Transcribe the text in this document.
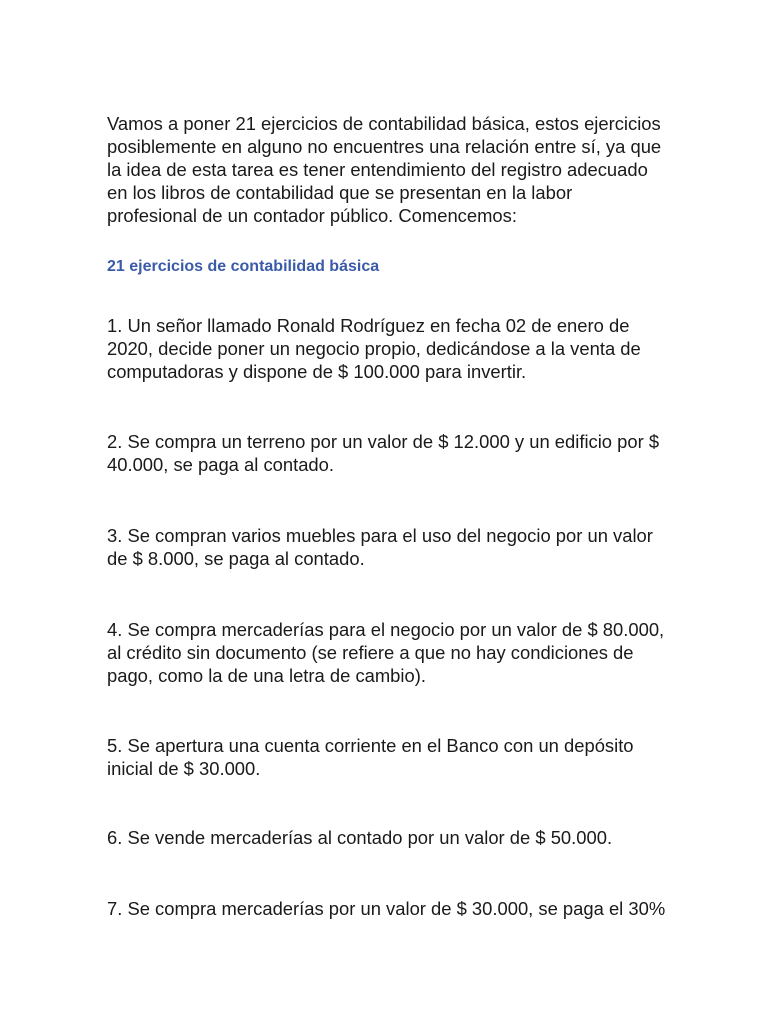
Vamos a poner 21 ejercicios de contabilidad básica, estos ejercicios posiblemente en alguno no encuentres una relación entre sí, ya que la idea de esta tarea es tener entendimiento del registro adecuado en los libros de contabilidad que se presentan en la labor profesional de un contador público. Comencemos:

21 ejercicios de contabilidad básica

1. Un señor llamado Ronald Rodríguez en fecha 02 de enero de 2020, decide poner un negocio propio, dedicándose a la venta de computadoras y dispone de $ 100.000 para invertir.

2. Se compra un terreno por un valor de $ 12.000 y un edificio por $ 40.000, se paga al contado.

3. Se compran varios muebles para el uso del negocio por un valor de $ 8.000, se paga al contado.

4. Se compra mercaderías para el negocio por un valor de $ 80.000, al crédito sin documento (se refiere a que no hay condiciones de pago, como la de una letra de cambio).

5. Se apertura una cuenta corriente en el Banco con un depósito inicial de $ 30.000.

6. Se vende mercaderías al contado por un valor de $ 50.000.

7. Se compra mercaderías por un valor de $ 30.000, se paga el 30%
